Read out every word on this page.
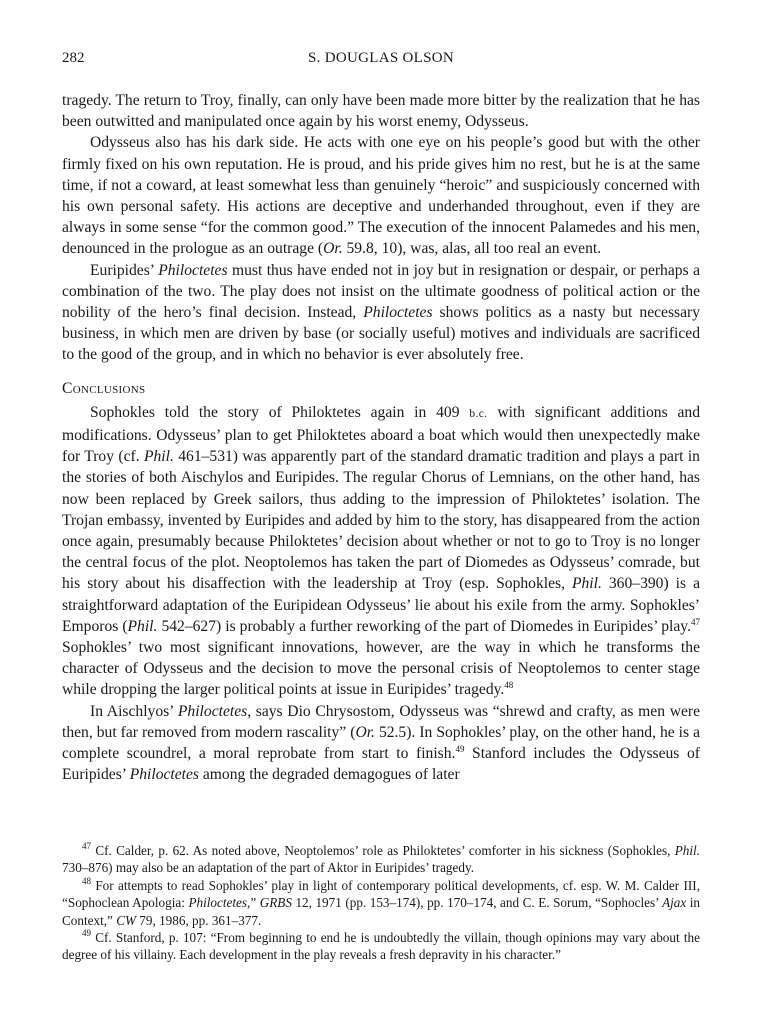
282	S. DOUGLAS OLSON

tragedy. The return to Troy, finally, can only have been made more bitter by the realization that he has been outwitted and manipulated once again by his worst enemy, Odysseus.

Odysseus also has his dark side. He acts with one eye on his people’s good but with the other firmly fixed on his own reputation. He is proud, and his pride gives him no rest, but he is at the same time, if not a coward, at least somewhat less than genuinely “heroic” and suspiciously concerned with his own personal safety. His actions are deceptive and underhanded throughout, even if they are always in some sense “for the common good.” The execution of the innocent Palamedes and his men, denounced in the prologue as an outrage (Or. 59.8, 10), was, alas, all too real an event.

Euripides’ Philoctetes must thus have ended not in joy but in resignation or despair, or perhaps a combination of the two. The play does not insist on the ultimate goodness of political action or the nobility of the hero’s final decision. Instead, Philoctetes shows politics as a nasty but necessary business, in which men are driven by base (or socially useful) motives and individuals are sacrificed to the good of the group, and in which no behavior is ever absolutely free.

Conclusions

Sophokles told the story of Philoktetes again in 409 b.c. with significant additions and modifications. Odysseus’ plan to get Philoktetes aboard a boat which would then unexpectedly make for Troy (cf. Phil. 461–531) was apparently part of the standard dramatic tradition and plays a part in the stories of both Aischylos and Euripides. The regular Chorus of Lemnians, on the other hand, has now been replaced by Greek sailors, thus adding to the impression of Philoktetes’ isolation. The Trojan embassy, invented by Euripides and added by him to the story, has disappeared from the action once again, presumably because Philoktetes’ decision about whether or not to go to Troy is no longer the central focus of the plot. Neoptolemos has taken the part of Diomedes as Odysseus’ comrade, but his story about his disaffection with the leadership at Troy (esp. Sophokles, Phil. 360–390) is a straightforward adaptation of the Euripidean Odysseus’ lie about his exile from the army. Sophokles’ Emporos (Phil. 542–627) is probably a further reworking of the part of Diomedes in Euripides’ play.$^{47}$ Sophokles’ two most significant innovations, however, are the way in which he transforms the character of Odysseus and the decision to move the personal crisis of Neoptolemos to center stage while dropping the larger political points at issue in Euripides’ tragedy.$^{48}$

In Aischlyos’ Philoctetes, says Dio Chrysostom, Odysseus was “shrewd and crafty, as men were then, but far removed from modern rascality” (Or. 52.5). In Sophokles’ play, on the other hand, he is a complete scoundrel, a moral reprobate from start to finish.$^{49}$ Stanford includes the Odysseus of Euripides’ Philoctetes among the degraded demagogues of later

$^{47}$ Cf. Calder, p. 62. As noted above, Neoptolemos’ role as Philoktetes’ comforter in his sickness (Sophokles, Phil. 730–876) may also be an adaptation of the part of Aktor in Euripides’ tragedy.

$^{48}$ For attempts to read Sophokles’ play in light of contemporary political developments, cf. esp. W. M. Calder III, “Sophoclean Apologia: Philoctetes,” GRBS 12, 1971 (pp. 153–174), pp. 170–174, and C. E. Sorum, “Sophocles’ Ajax in Context,” CW 79, 1986, pp. 361–377.

$^{49}$ Cf. Stanford, p. 107: “From beginning to end he is undoubtedly the villain, though opinions may vary about the degree of his villainy. Each development in the play reveals a fresh depravity in his character.”
